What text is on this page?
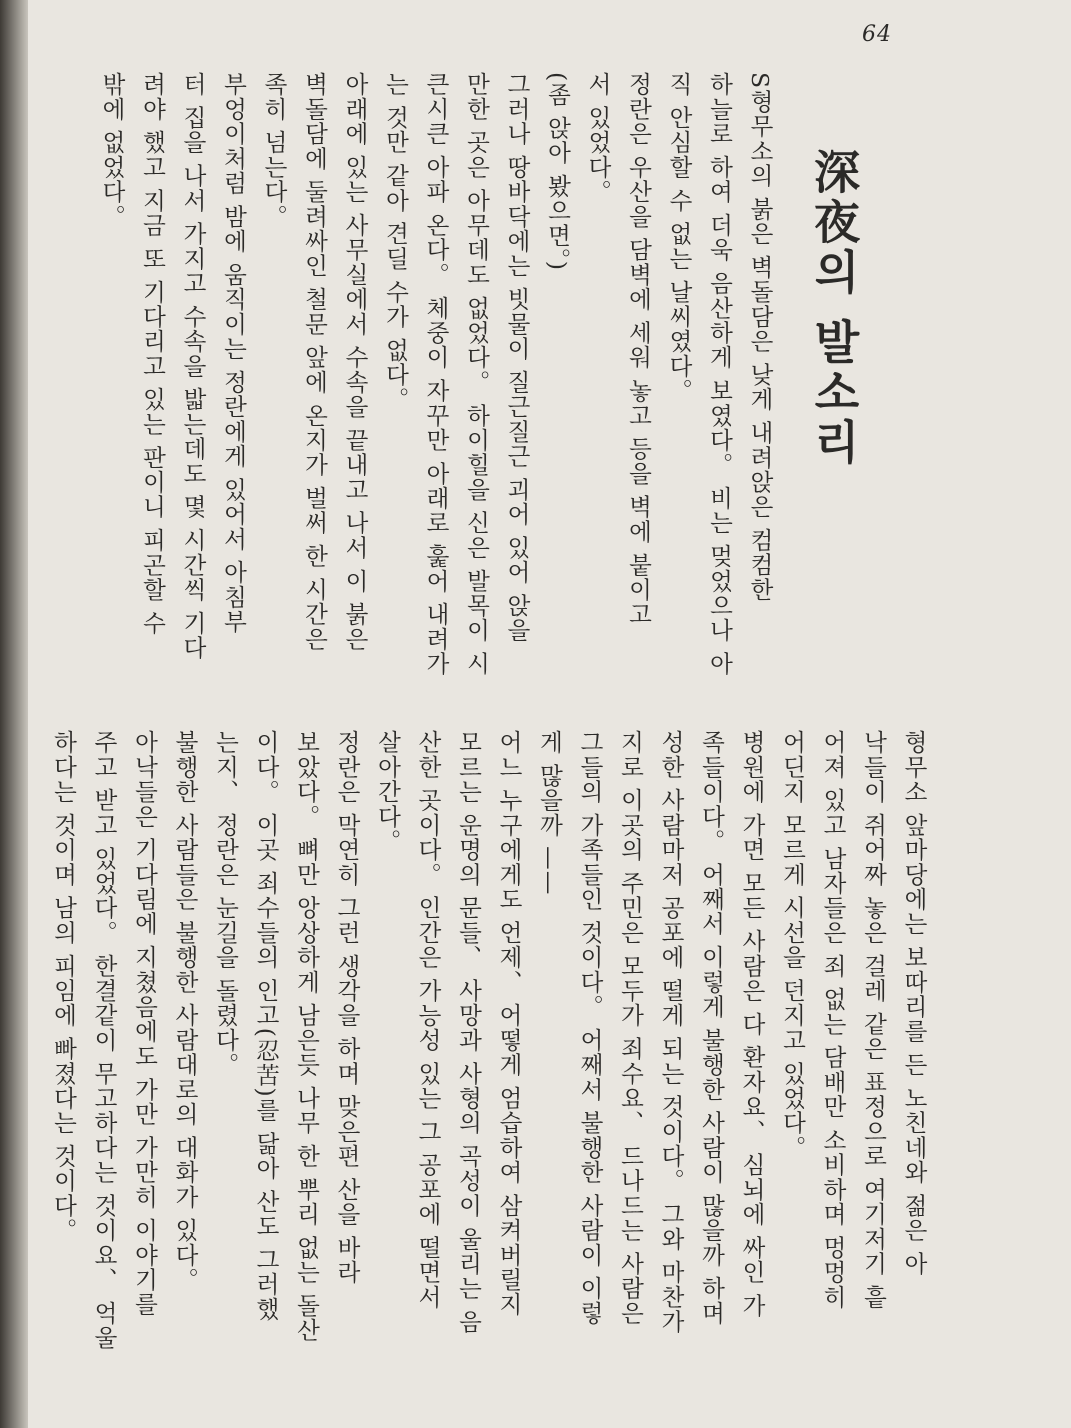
64
深夜의 발소리
S형무소의 붉은 벽돌담은 낮게 내려앉은 컴컴한
하늘로 하여 더욱 음산하게 보였다。 비는 멎었으나 아
직 안심할 수 없는 날씨였다。
정란은 우산을 담벽에 세워 놓고 등을 벽에 붙이고
서 있었다。
(좀 앉아 봤으면。)
그러나 땅바닥에는 빗물이 질근질근 괴어 있어 앉을
만한 곳은 아무데도 없었다。 하이힐을 신은 발목이 시
큰시큰 아파 온다。 체중이 자꾸만 아래로 훑어 내려가
는 것만 같아 견딜 수가 없다。
아래에 있는 사무실에서 수속을 끝내고 나서 이 붉은
벽돌담에 둘려싸인 철문 앞에 온지가 벌써 한 시간은
족히 넘는다。
부엉이처럼 밤에 움직이는 정란에게 있어서 아침부
터 집을 나서 가지고 수속을 밟는데도 몇 시간씩 기다
려야 했고 지금 또 기다리고 있는 판이니 피곤할 수
밖에 없었다。
형무소 앞마당에는 보따리를 든 노친네와 젊은 아
낙들이 쥐어짜 놓은 걸레 같은 표정으로 여기저기 흩
어져 있고 남자들은 죄 없는 담배만 소비하며 멍멍히
어딘지 모르게 시선을 던지고 있었다。
병원에 가면 모든 사람은 다 환자요、 심뇌에 싸인 가
족들이다。 어째서 이렇게 불행한 사람이 많을까 하며
성한 사람마저 공포에 떨게 되는 것이다。 그와 마찬가
지로 이곳의 주민은 모두가 죄수요、 드나드는 사람은
그들의 가족들인 것이다。 어째서 불행한 사람이 이렇
게 많을까 ——
어느 누구에게도 언제、 어떻게 엄습하여 삼켜버릴지
모르는 운명의 문들、 사망과 사형의 곡성이 울리는 음
산한 곳이다。 인간은 가능성 있는 그 공포에 떨면서
살아간다。
정란은 막연히 그런 생각을 하며 맞은편 산을 바라
보았다。 뼈만 앙상하게 남은듯 나무 한 뿌리 없는 돌산
이다。 이곳 죄수들의 인고(忍苦)를 닮아 산도 그러했
는지、 정란은 눈길을 돌렸다。
불행한 사람들은 불행한 사람대로의 대화가 있다。
아낙들은 기다림에 지쳤음에도 가만 가만히 이야기를
주고 받고 있었다。 한결같이 무고하다는 것이요、 억울
하다는 것이며 남의 피임에 빠졌다는 것이다。
